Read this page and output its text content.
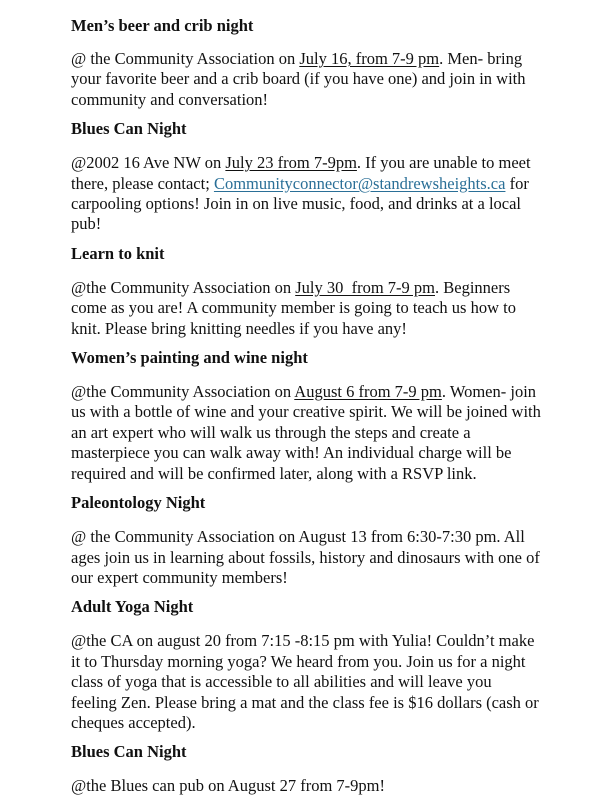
Men’s beer and crib night
@ the Community Association on July 16, from 7-9 pm. Men- bring your favorite beer and a crib board (if you have one) and join in with community and conversation!
Blues Can Night
@2002 16 Ave NW on July 23 from 7-9pm. If you are unable to meet there, please contact; Communityconnector@standrewsheights.ca for carpooling options! Join in on live music, food, and drinks at a local pub!
Learn to knit
@the Community Association on July 30  from 7-9 pm. Beginners come as you are! A community member is going to teach us how to knit. Please bring knitting needles if you have any!
Women’s painting and wine night
@the Community Association on August 6 from 7-9 pm. Women- join us with a bottle of wine and your creative spirit. We will be joined with an art expert who will walk us through the steps and create a masterpiece you can walk away with! An individual charge will be required and will be confirmed later, along with a RSVP link.
Paleontology Night
@ the Community Association on August 13 from 6:30-7:30 pm. All ages join us in learning about fossils, history and dinosaurs with one of our expert community members!
Adult Yoga Night
@the CA on august 20 from 7:15 -8:15 pm with Yulia! Couldn’t make it to Thursday morning yoga? We heard from you. Join us for a night class of yoga that is accessible to all abilities and will leave you feeling Zen. Please bring a mat and the class fee is $16 dollars (cash or cheques accepted).
Blues Can Night
@the Blues can pub on August 27 from 7-9pm!
